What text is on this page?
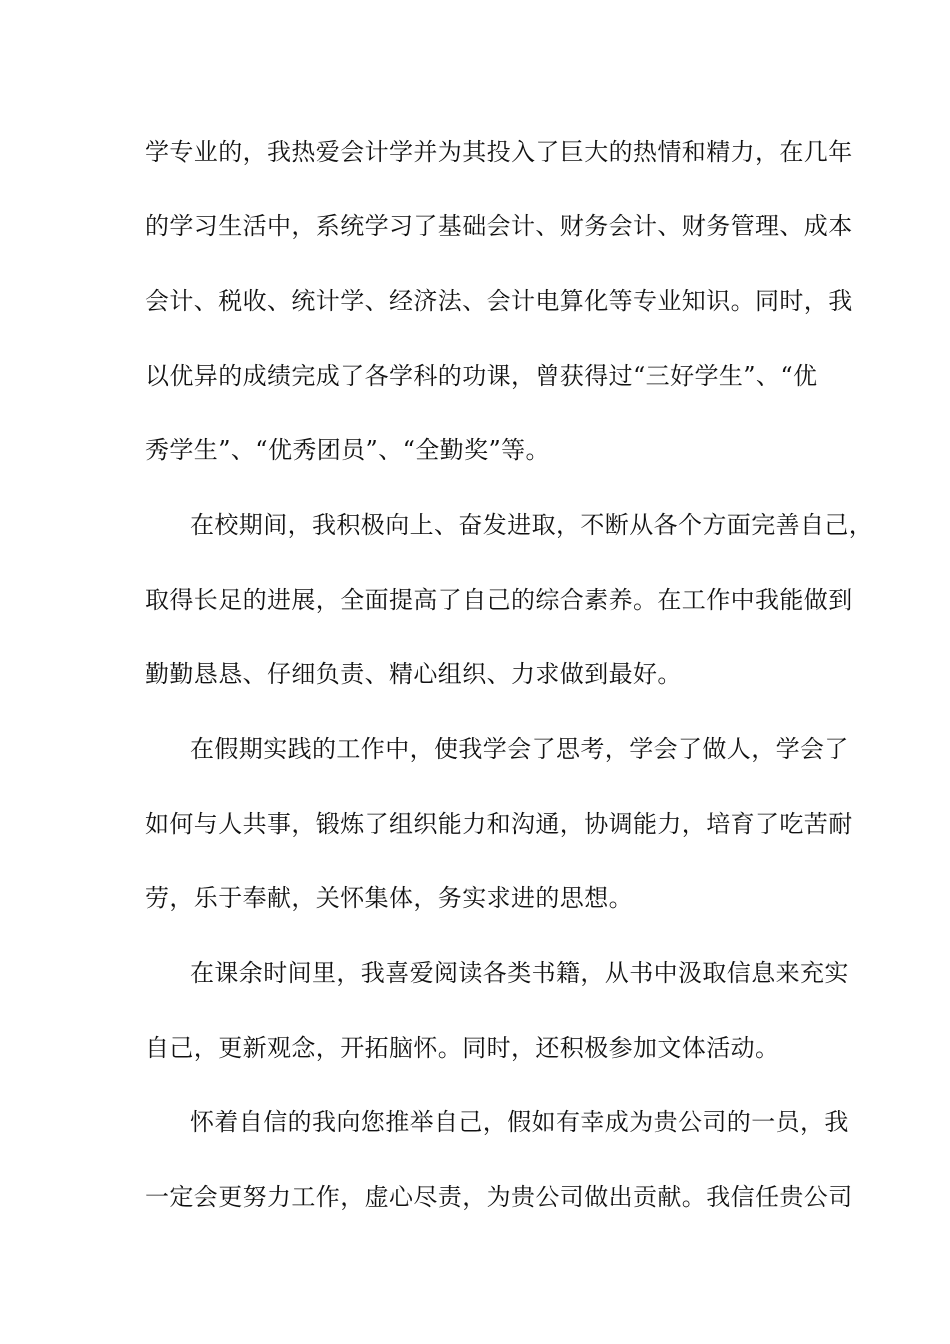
学专业的，我热爱会计学并为其投入了巨大的热情和精力，在几年
的学习生活中，系统学习了基础会计、财务会计、财务管理、成本
会计、税收、统计学、经济法、会计电算化等专业知识。同时，我
以优异的成绩完成了各学科的功课，曾获得过“三好学生”、“优
秀学生”、“优秀团员”、“全勤奖”等。
在校期间，我积极向上、奋发进取，不断从各个方面完善自己，
取得长足的进展，全面提高了自己的综合素养。在工作中我能做到
勤勤恳恳、仔细负责、精心组织、力求做到最好。
在假期实践的工作中，使我学会了思考，学会了做人，学会了
如何与人共事，锻炼了组织能力和沟通，协调能力，培育了吃苦耐
劳，乐于奉献，关怀集体，务实求进的思想。
在课余时间里，我喜爱阅读各类书籍，从书中汲取信息来充实
自己，更新观念，开拓脑怀。同时，还积极参加文体活动。
怀着自信的我向您推举自己，假如有幸成为贵公司的一员，我
一定会更努力工作，虚心尽责，为贵公司做出贡献。我信任贵公司
